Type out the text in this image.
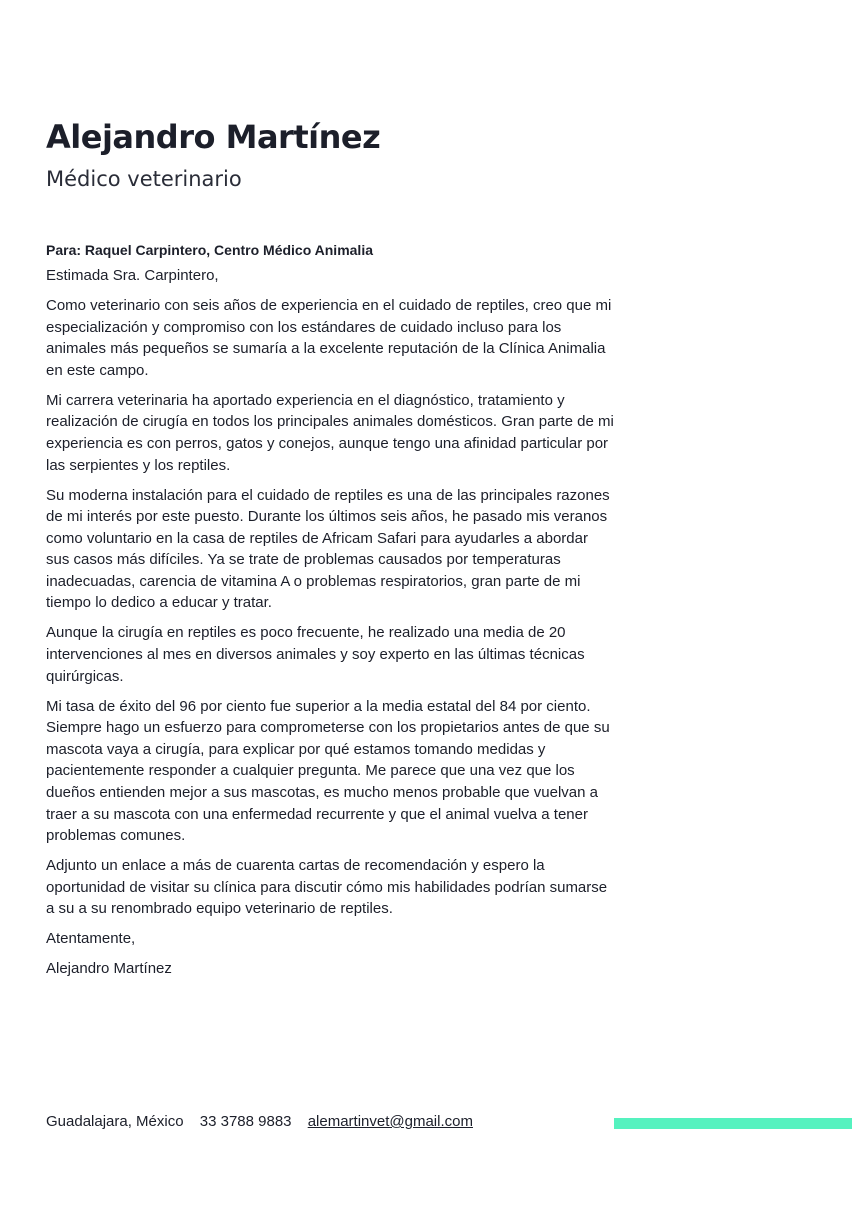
Alejandro Martínez
Médico veterinario
Para: Raquel Carpintero, Centro Médico Animalia

Estimada Sra. Carpintero,

Como veterinario con seis años de experiencia en el cuidado de reptiles, creo que mi especialización y compromiso con los estándares de cuidado incluso para los animales más pequeños se sumaría a la excelente reputación de la Clínica Animalia en este campo.

Mi carrera veterinaria ha aportado experiencia en el diagnóstico, tratamiento y realización de cirugía en todos los principales animales domésticos. Gran parte de mi experiencia es con perros, gatos y conejos, aunque tengo una afinidad particular por las serpientes y los reptiles.

Su moderna instalación para el cuidado de reptiles es una de las principales razones de mi interés por este puesto. Durante los últimos seis años, he pasado mis veranos como voluntario en la casa de reptiles de Africam Safari para ayudarles a abordar sus casos más difíciles. Ya se trate de problemas causados por temperaturas inadecuadas, carencia de vitamina A o problemas respiratorios, gran parte de mi tiempo lo dedico a educar y tratar.

Aunque la cirugía en reptiles es poco frecuente, he realizado una media de 20 intervenciones al mes en diversos animales y soy experto en las últimas técnicas quirúrgicas.

Mi tasa de éxito del 96 por ciento fue superior a la media estatal del 84 por ciento. Siempre hago un esfuerzo para comprometerse con los propietarios antes de que su mascota vaya a cirugía, para explicar por qué estamos tomando medidas y pacientemente responder a cualquier pregunta. Me parece que una vez que los dueños entienden mejor a sus mascotas, es mucho menos probable que vuelvan a traer a su mascota con una enfermedad recurrente y que el animal vuelva a tener problemas comunes.

Adjunto un enlace a más de cuarenta cartas de recomendación y espero la oportunidad de visitar su clínica para discutir cómo mis habilidades podrían sumarse a su a su renombrado equipo veterinario de reptiles.

Atentamente,

Alejandro Martínez

Guadalajara, México 33 3788 9883 alemartinvet@gmail.com
